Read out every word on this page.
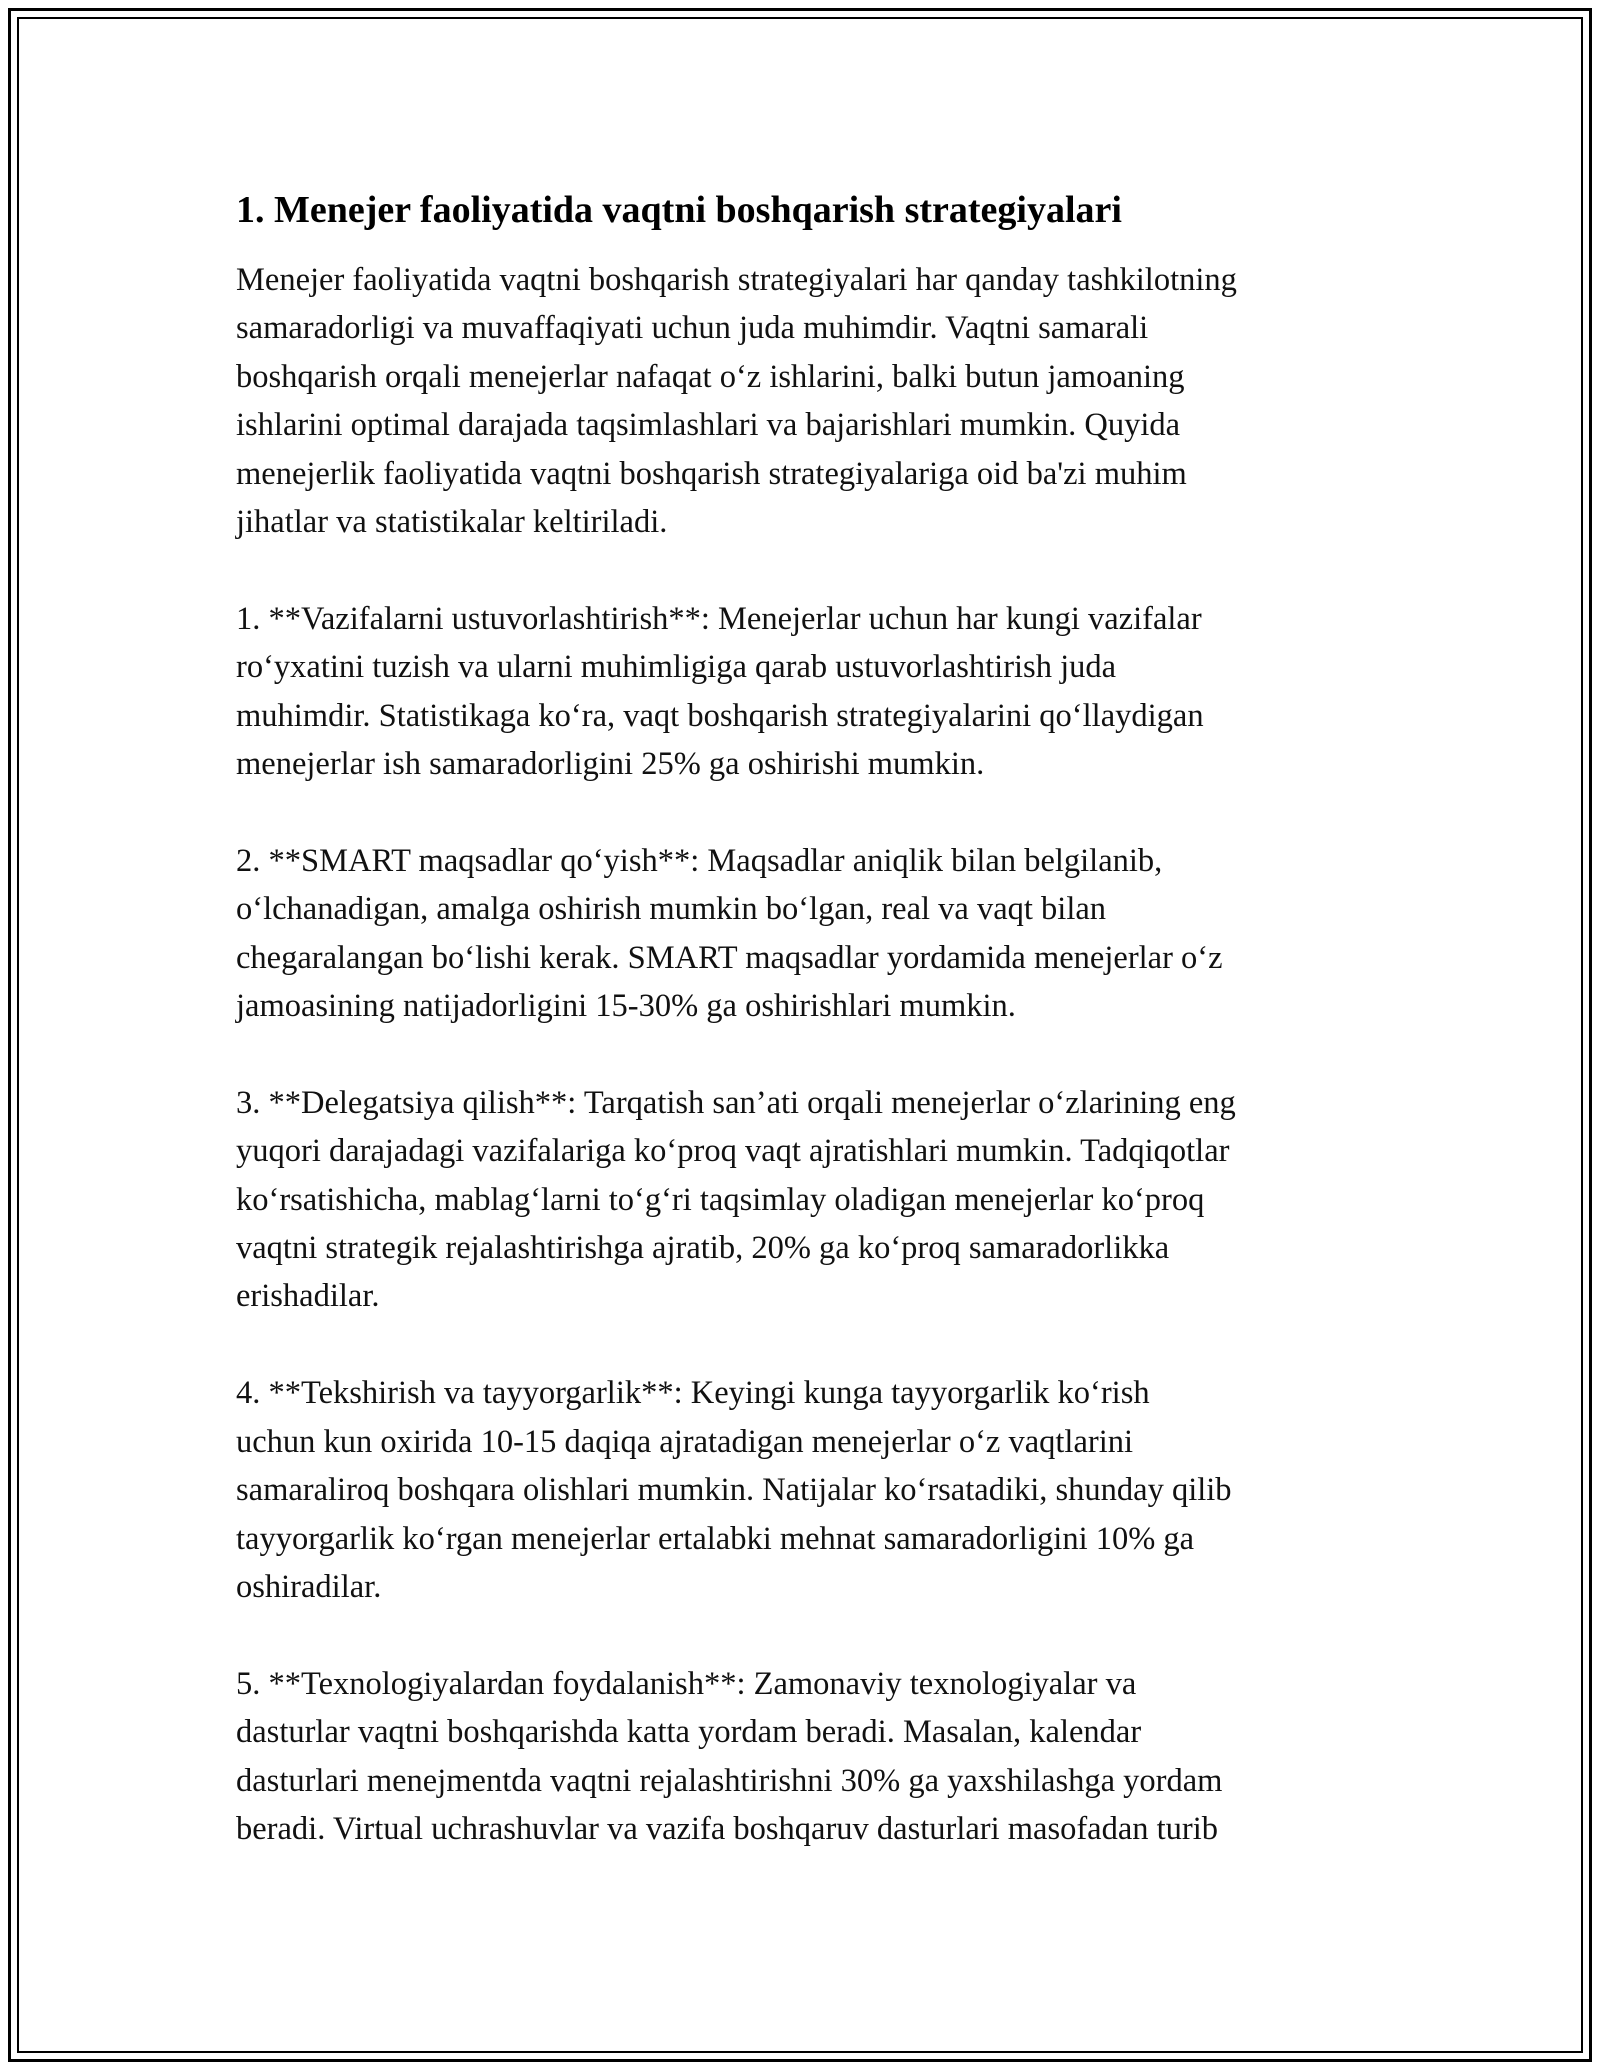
1. Menejer faoliyatida vaqtni boshqarish strategiyalari

Menejer faoliyatida vaqtni boshqarish strategiyalari har qanday tashkilotning
samaradorligi va muvaffaqiyati uchun juda muhimdir. Vaqtni samarali
boshqarish orqali menejerlar nafaqat o‘z ishlarini, balki butun jamoaning
ishlarini optimal darajada taqsimlashlari va bajarishlari mumkin. Quyida
menejerlik faoliyatida vaqtni boshqarish strategiyalariga oid ba'zi muhim
jihatlar va statistikalar keltiriladi.

1. **Vazifalarni ustuvorlashtirish**: Menejerlar uchun har kungi vazifalar
ro‘yxatini tuzish va ularni muhimligiga qarab ustuvorlashtirish juda
muhimdir. Statistikaga ko‘ra, vaqt boshqarish strategiyalarini qo‘llaydigan
menejerlar ish samaradorligini 25% ga oshirishi mumkin.

2. **SMART maqsadlar qo‘yish**: Maqsadlar aniqlik bilan belgilanib,
o‘lchanadigan, amalga oshirish mumkin bo‘lgan, real va vaqt bilan
chegaralangan bo‘lishi kerak. SMART maqsadlar yordamida menejerlar o‘z
jamoasining natijadorligini 15-30% ga oshirishlari mumkin.

3. **Delegatsiya qilish**: Tarqatish san’ati orqali menejerlar o‘zlarining eng
yuqori darajadagi vazifalariga ko‘proq vaqt ajratishlari mumkin. Tadqiqotlar
ko‘rsatishicha, mablag‘larni to‘g‘ri taqsimlay oladigan menejerlar ko‘proq
vaqtni strategik rejalashtirishga ajratib, 20% ga ko‘proq samaradorlikka
erishadilar.

4. **Tekshirish va tayyorgarlik**: Keyingi kunga tayyorgarlik ko‘rish
uchun kun oxirida 10-15 daqiqa ajratadigan menejerlar o‘z vaqtlarini
samaraliroq boshqara olishlari mumkin. Natijalar ko‘rsatadiki, shunday qilib
tayyorgarlik ko‘rgan menejerlar ertalabki mehnat samaradorligini 10% ga
oshiradilar.

5. **Texnologiyalardan foydalanish**: Zamonaviy texnologiyalar va
dasturlar vaqtni boshqarishda katta yordam beradi. Masalan, kalendar
dasturlari menejmentda vaqtni rejalashtirishni 30% ga yaxshilashga yordam
beradi. Virtual uchrashuvlar va vazifa boshqaruv dasturlari masofadan turib
